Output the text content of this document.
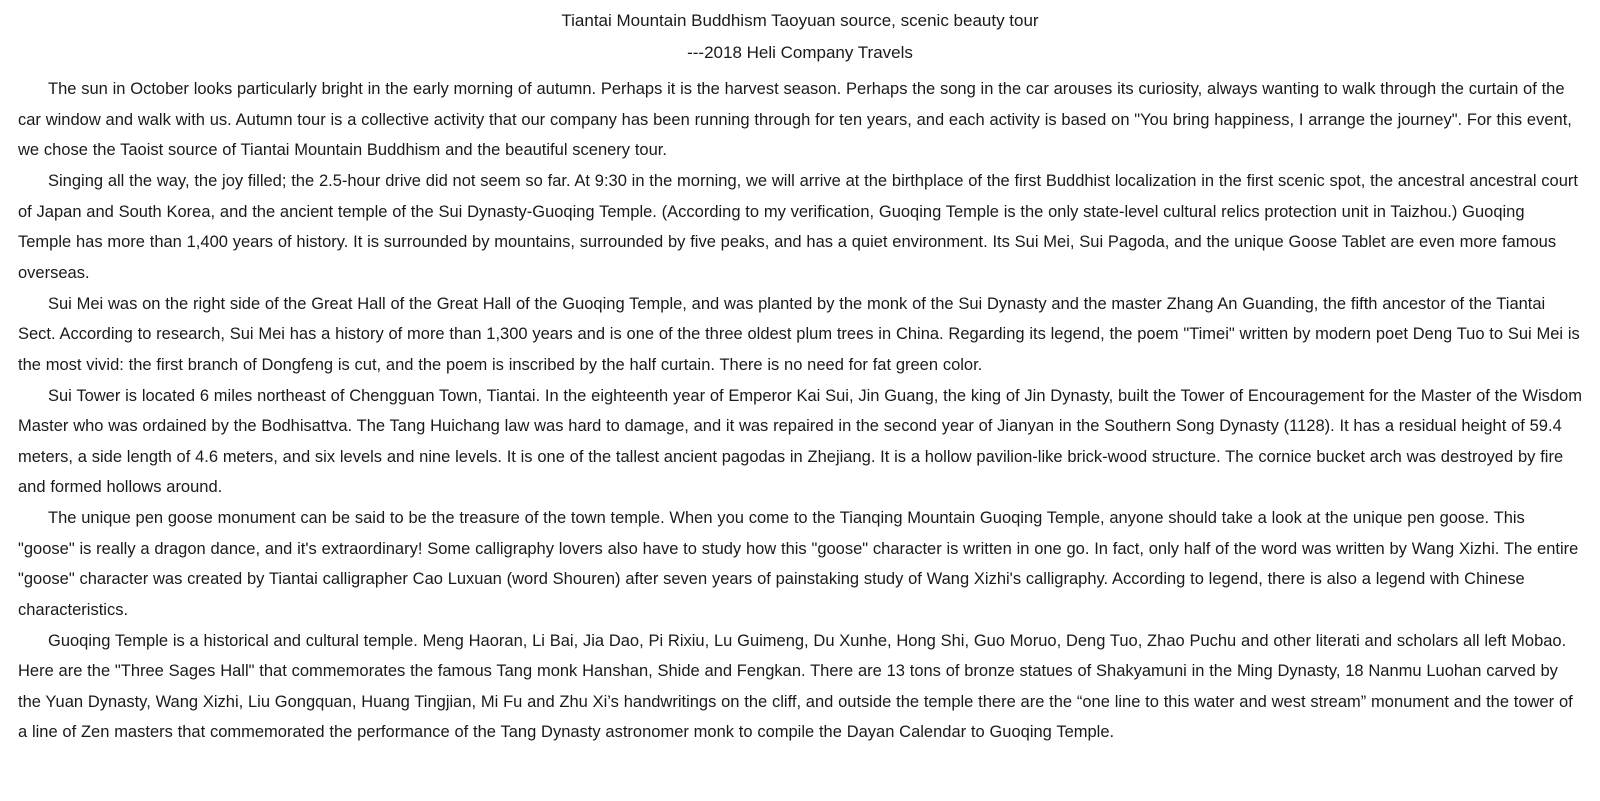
Tiantai Mountain Buddhism Taoyuan source, scenic beauty tour
---2018 Heli Company Travels

The sun in October looks particularly bright in the early morning of autumn. Perhaps it is the harvest season. Perhaps the song in the car arouses its curiosity, always wanting to walk through the curtain of the car window and walk with us. Autumn tour is a collective activity that our company has been running through for ten years, and each activity is based on "You bring happiness, I arrange the journey". For this event, we chose the Taoist source of Tiantai Mountain Buddhism and the beautiful scenery tour.

Singing all the way, the joy filled; the 2.5-hour drive did not seem so far. At 9:30 in the morning, we will arrive at the birthplace of the first Buddhist localization in the first scenic spot, the ancestral ancestral court of Japan and South Korea, and the ancient temple of the Sui Dynasty-Guoqing Temple. (According to my verification, Guoqing Temple is the only state-level cultural relics protection unit in Taizhou.) Guoqing Temple has more than 1,400 years of history. It is surrounded by mountains, surrounded by five peaks, and has a quiet environment. Its Sui Mei, Sui Pagoda, and the unique Goose Tablet are even more famous overseas.

Sui Mei was on the right side of the Great Hall of the Great Hall of the Guoqing Temple, and was planted by the monk of the Sui Dynasty and the master Zhang An Guanding, the fifth ancestor of the Tiantai Sect. According to research, Sui Mei has a history of more than 1,300 years and is one of the three oldest plum trees in China. Regarding its legend, the poem "Timei" written by modern poet Deng Tuo to Sui Mei is the most vivid: the first branch of Dongfeng is cut, and the poem is inscribed by the half curtain. There is no need for fat green color.

Sui Tower is located 6 miles northeast of Chengguan Town, Tiantai. In the eighteenth year of Emperor Kai Sui, Jin Guang, the king of Jin Dynasty, built the Tower of Encouragement for the Master of the Wisdom Master who was ordained by the Bodhisattva. The Tang Huichang law was hard to damage, and it was repaired in the second year of Jianyan in the Southern Song Dynasty (1128). It has a residual height of 59.4 meters, a side length of 4.6 meters, and six levels and nine levels. It is one of the tallest ancient pagodas in Zhejiang. It is a hollow pavilion-like brick-wood structure. The cornice bucket arch was destroyed by fire and formed hollows around.

The unique pen goose monument can be said to be the treasure of the town temple. When you come to the Tianqing Mountain Guoqing Temple, anyone should take a look at the unique pen goose. This "goose" is really a dragon dance, and it's extraordinary! Some calligraphy lovers also have to study how this "goose" character is written in one go. In fact, only half of the word was written by Wang Xizhi. The entire "goose" character was created by Tiantai calligrapher Cao Luxuan (word Shouren) after seven years of painstaking study of Wang Xizhi's calligraphy. According to legend, there is also a legend with Chinese characteristics.

Guoqing Temple is a historical and cultural temple. Meng Haoran, Li Bai, Jia Dao, Pi Rixiu, Lu Guimeng, Du Xunhe, Hong Shi, Guo Moruo, Deng Tuo, Zhao Puchu and other literati and scholars all left Mobao. Here are the "Three Sages Hall" that commemorates the famous Tang monk Hanshan, Shide and Fengkan. There are 13 tons of bronze statues of Shakyamuni in the Ming Dynasty, 18 Nanmu Luohan carved by the Yuan Dynasty, Wang Xizhi, Liu Gongquan, Huang Tingjian, Mi Fu and Zhu Xi’s handwritings on the cliff, and outside the temple there are the “one line to this water and west stream” monument and the tower of a line of Zen masters that commemorated the performance of the Tang Dynasty astronomer monk to compile the Dayan Calendar to Guoqing Temple.
